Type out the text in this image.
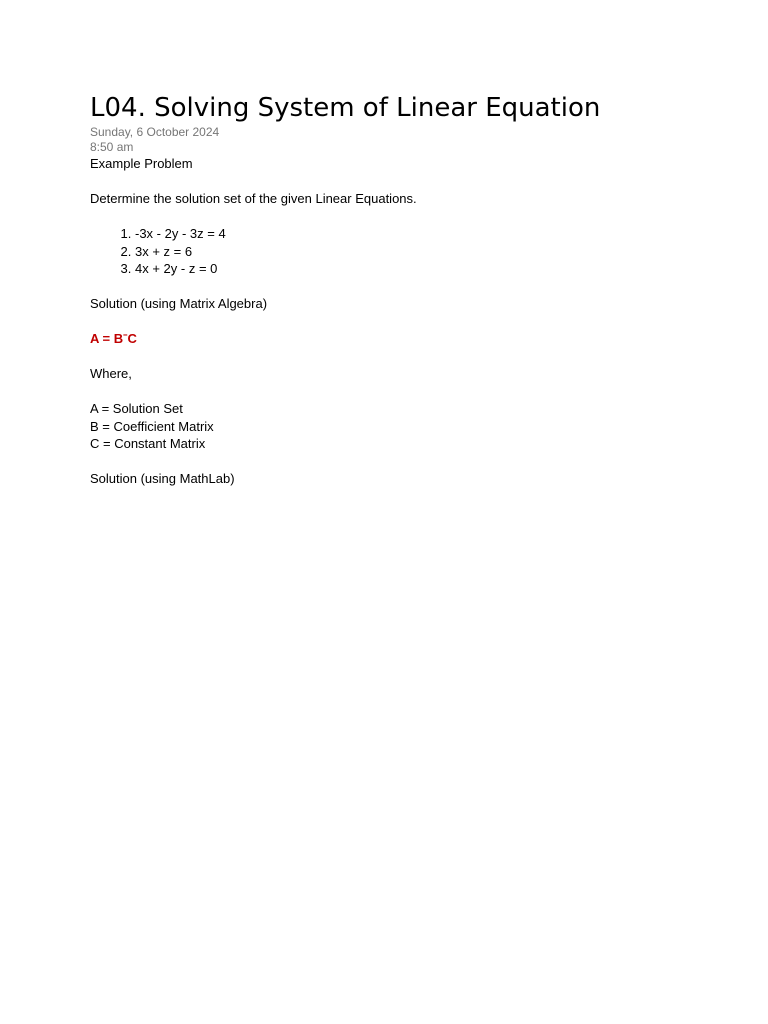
L04. Solving System of Linear Equation
Sunday, 6 October 2024
8:50 am

Example Problem

Determine the solution set of the given Linear Equations.

1. -3x - 2y - 3z = 4
2. 3x + z = 6
3. 4x + 2y - z = 0

Solution (using Matrix Algebra)

A = BˉC

Where,

A = Solution Set

B = Coefficient Matrix

C = Constant Matrix

Solution (using MathLab)
